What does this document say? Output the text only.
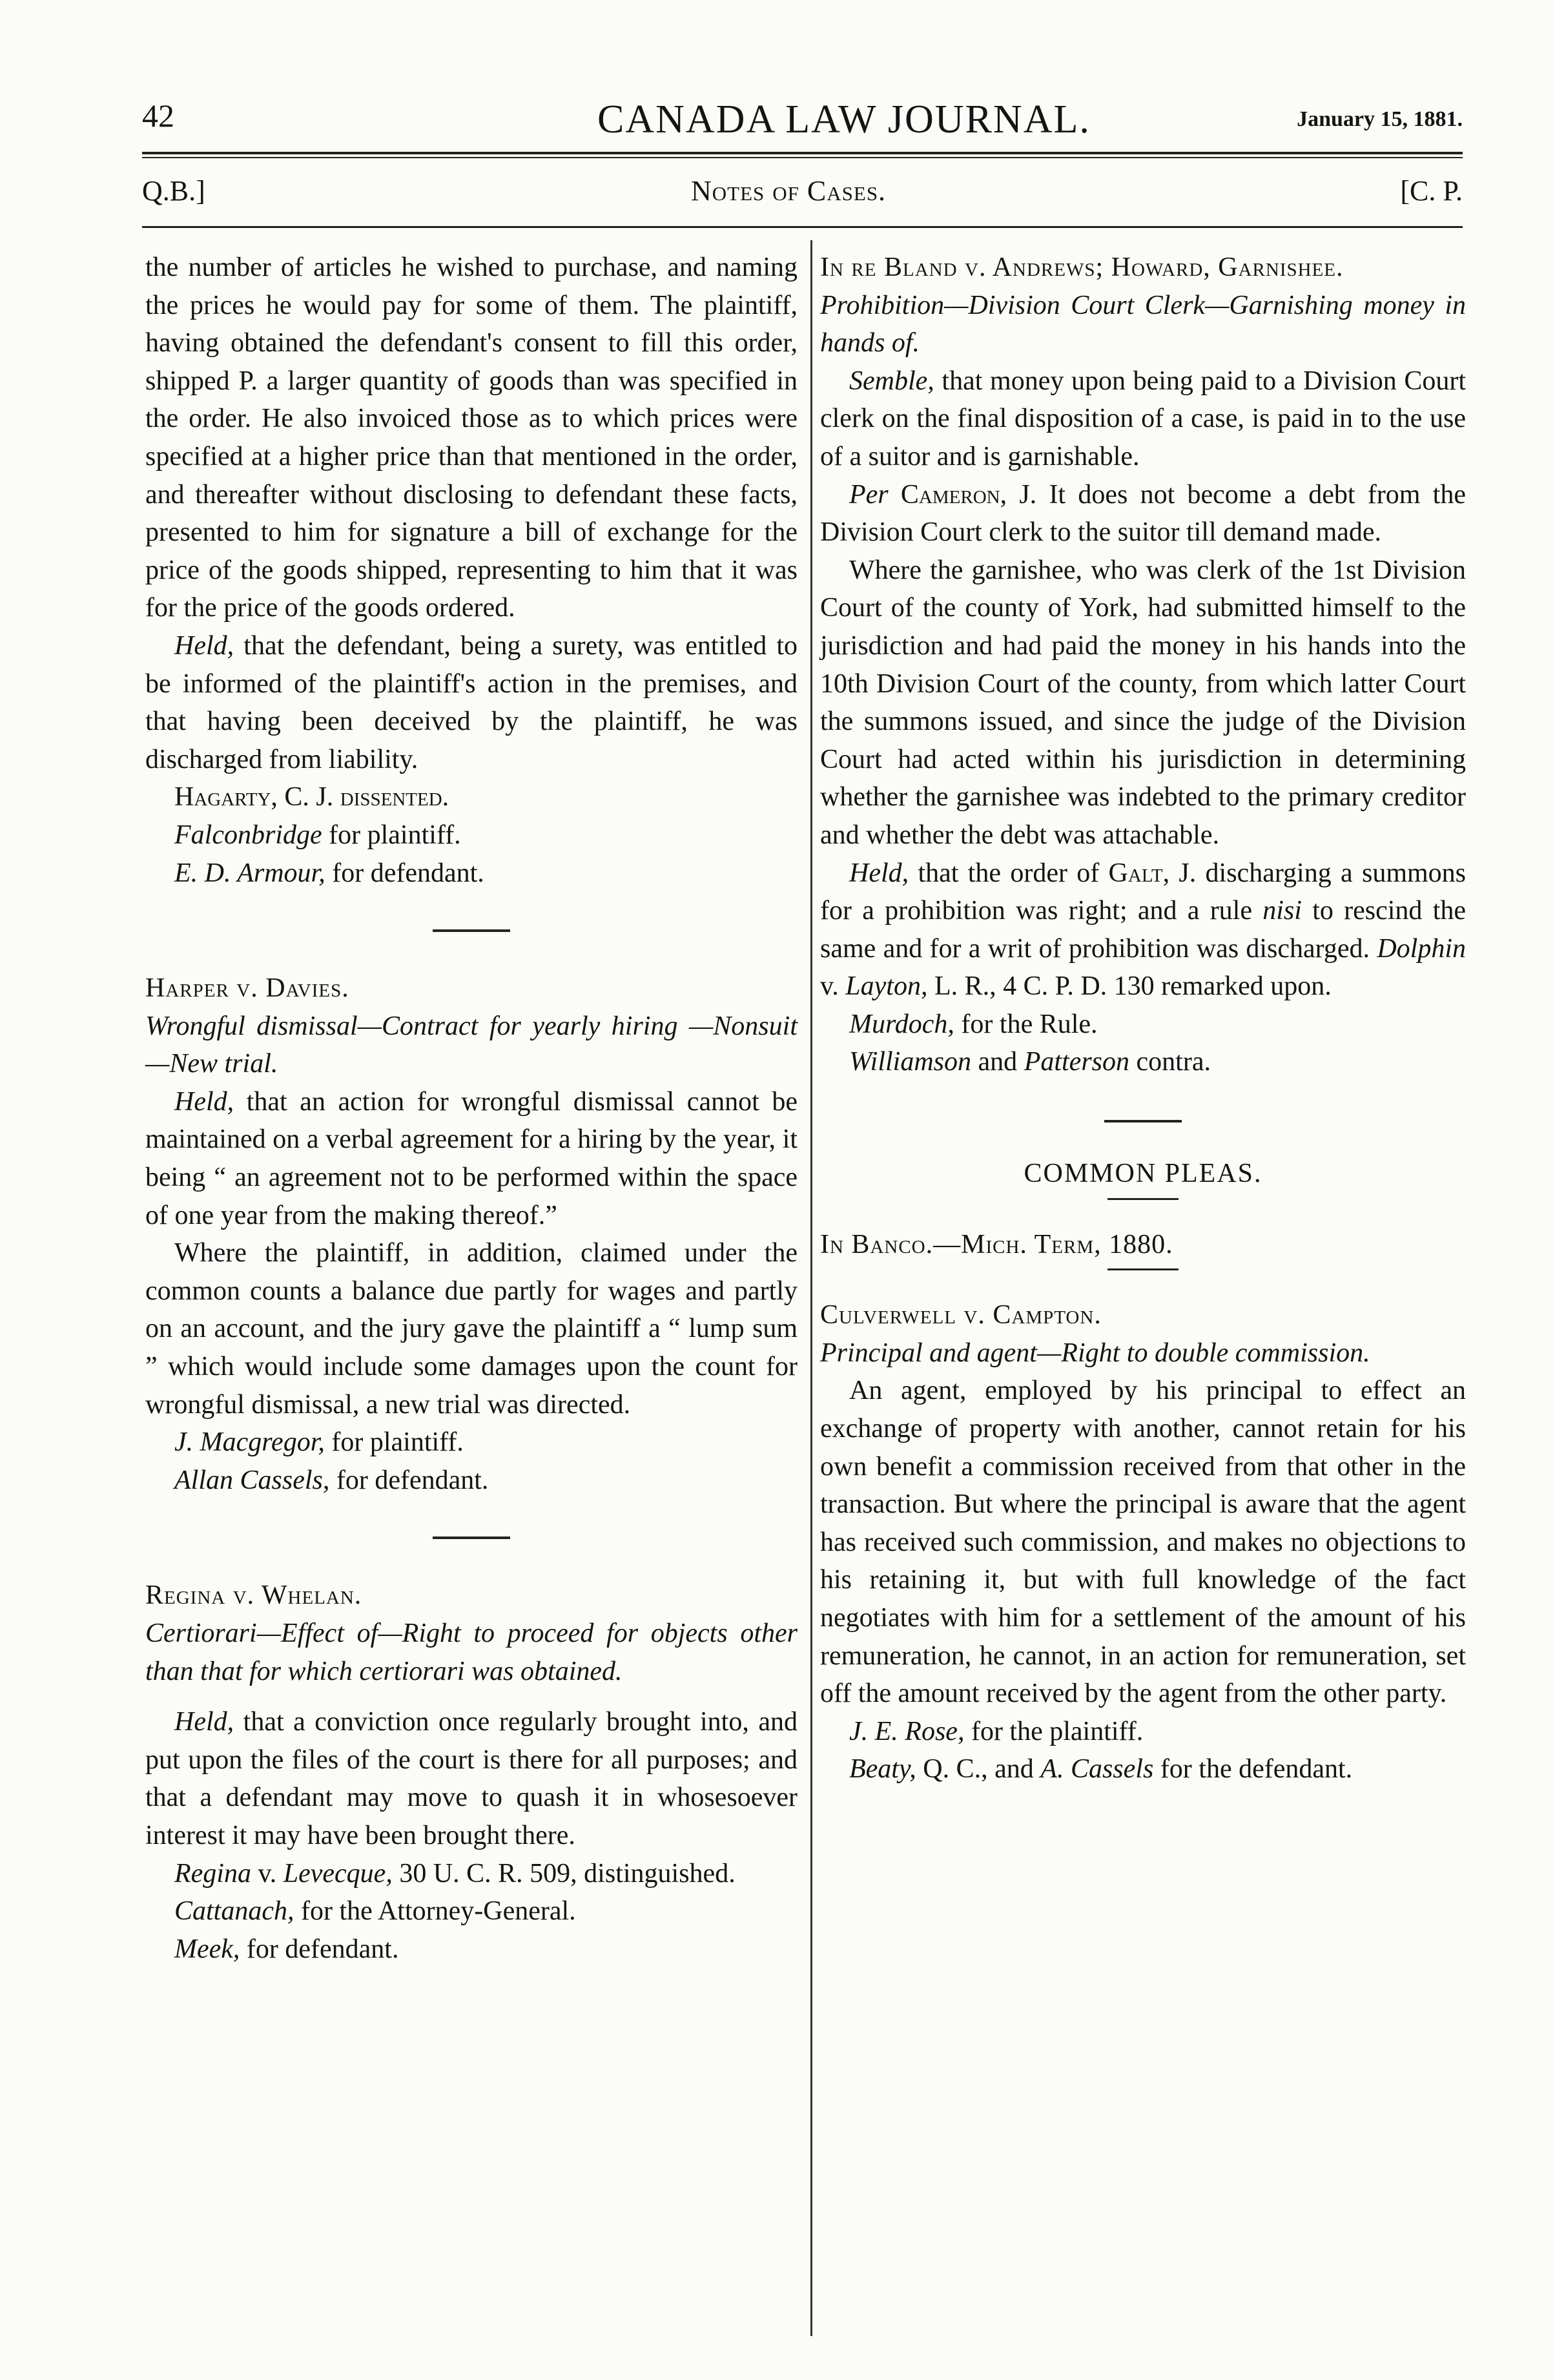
42	CANADA LAW JOURNAL.	January 15, 1881.
Q.B.]	Notes of Cases.	[C. P.

the number of articles he wished to purchase, and naming the prices he would pay for some of them. The plaintiff, having obtained the defendant's consent to fill this order, shipped P. a larger quantity of goods than was specified in the order. He also invoiced those as to which prices were specified at a higher price than that mentioned in the order, and thereafter without disclosing to defendant these facts, presented to him for signature a bill of exchange for the price of the goods shipped, representing to him that it was for the price of the goods ordered.

Held, that the defendant, being a surety, was entitled to be informed of the plaintiff's action in the premises, and that having been deceived by the plaintiff, he was discharged from liability.

Hagarty, C. J. dissented.

Falconbridge for plaintiff.

E. D. Armour, for defendant.

Harper v. Davies.

Wrongful dismissal—Contract for yearly hiring —Nonsuit—New trial.

Held, that an action for wrongful dismissal cannot be maintained on a verbal agreement for a hiring by the year, it being “ an agreement not to be performed within the space of one year from the making thereof.”

Where the plaintiff, in addition, claimed under the common counts a balance due partly for wages and partly on an account, and the jury gave the plaintiff a “ lump sum ” which would include some damages upon the count for wrongful dismissal, a new trial was directed.

J. Macgregor, for plaintiff.

Allan Cassels, for defendant.

Regina v. Whelan.

Certiorari—Effect of—Right to proceed for objects other than that for which certiorari was obtained.

Held, that a conviction once regularly brought into, and put upon the files of the court is there for all purposes; and that a defendant may move to quash it in whosesoever interest it may have been brought there.

Regina v. Levecque, 30 U. C. R. 509, distinguished.

Cattanach, for the Attorney-General.

Meek, for defendant.

In re Bland v. Andrews; Howard, Garnishee.

Prohibition—Division Court Clerk—Garnishing money in hands of.

Semble, that money upon being paid to a Division Court clerk on the final disposition of a case, is paid in to the use of a suitor and is garnishable.

Per Cameron, J. It does not become a debt from the Division Court clerk to the suitor till demand made.

Where the garnishee, who was clerk of the 1st Division Court of the county of York, had submitted himself to the jurisdiction and had paid the money in his hands into the 10th Division Court of the county, from which latter Court the summons issued, and since the judge of the Division Court had acted within his jurisdiction in determining whether the garnishee was indebted to the primary creditor and whether the debt was attachable.

Held, that the order of Galt, J. discharging a summons for a prohibition was right; and a rule nisi to rescind the same and for a writ of prohibition was discharged. Dolphin v. Layton, L. R., 4 C. P. D. 130 remarked upon.

Murdoch, for the Rule.

Williamson and Patterson contra.

COMMON PLEAS.

In Banco.—Mich. Term, 1880.

Culverwell v. Campton.

Principal and agent—Right to double commission.

An agent, employed by his principal to effect an exchange of property with another, cannot retain for his own benefit a commission received from that other in the transaction. But where the principal is aware that the agent has received such commission, and makes no objections to his retaining it, but with full knowledge of the fact negotiates with him for a settlement of the amount of his remuneration, he cannot, in an action for remuneration, set off the amount received by the agent from the other party.

J. E. Rose, for the plaintiff.

Beaty, Q. C., and A. Cassels for the defendant.
